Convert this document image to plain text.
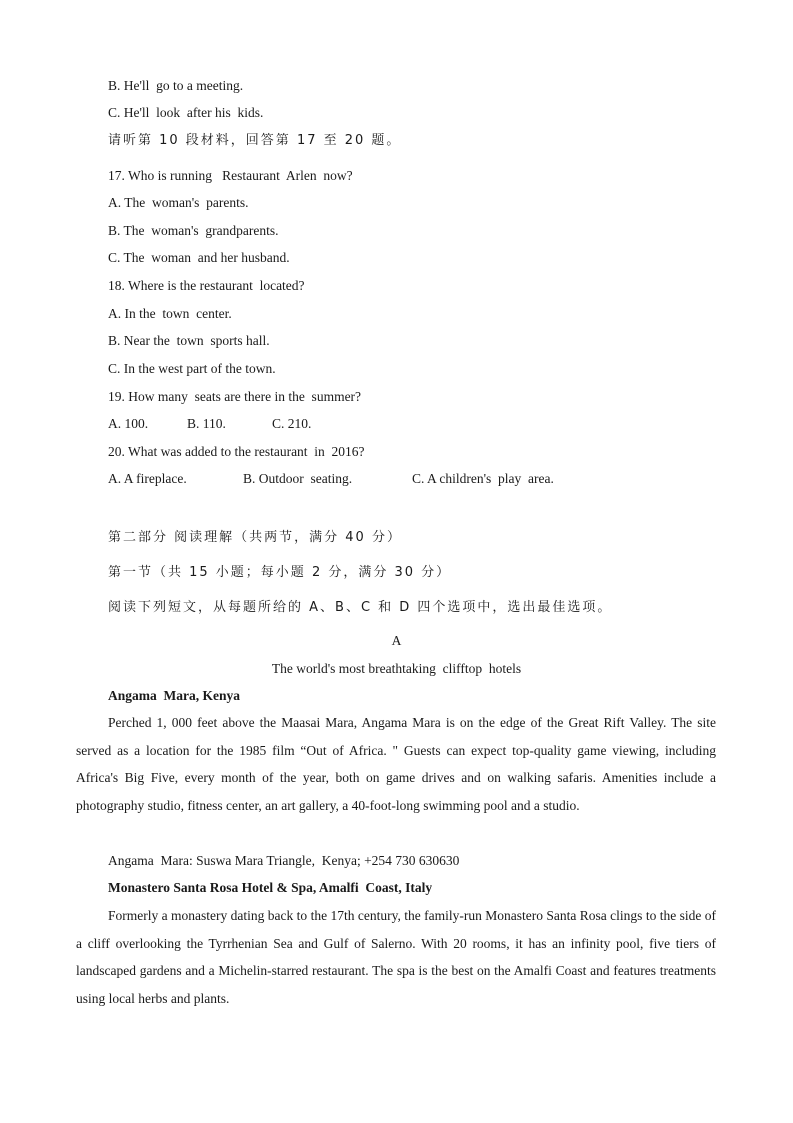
B. He'll  go to a meeting.
C. He'll  look  after his  kids.
请听第 10 段材料，回答第 17 至 20 题。
17. Who is running   Restaurant  Arlen  now?
A. The  woman's  parents.
B. The  woman's  grandparents.
C. The  woman  and her husband.
18. Where is the restaurant  located?
A. In the  town  center.
B. Near the  town  sports hall.
C. In the west part of the town.
19. How many  seats are there in the  summer?
A. 100.	B. 110.	C. 210.
20. What was added to the restaurant  in  2016?
A. A fireplace.	B. Outdoor  seating.	C. A children's  play  area.
第二部分 阅读理解（共两节，满分 40 分）
第一节（共 15 小题；每小题 2 分，满分 30 分）
阅读下列短文，从每题所给的 A、B、C 和 D 四个选项中，选出最佳选项。
A
The world's most breathtaking  clifftop  hotels
Angama  Mara, Kenya

Perched 1, 000 feet above the Maasai Mara, Angama Mara is on the edge of the Great Rift Valley. The site served as a location for the 1985 film “Out of Africa. " Guests can expect top-quality game viewing, including Africa's Big Five, every month of the year, both on game drives and on walking safaris. Amenities include a photography studio, fitness center, an art gallery, a 40-foot-long swimming pool and a studio.

Angama  Mara: Suswa Mara Triangle,  Kenya; +254 730 630630
Monastero Santa Rosa Hotel & Spa, Amalfi  Coast, Italy

Formerly a monastery dating back to the 17th century, the family-run Monastero Santa Rosa clings to the side of a cliff overlooking the Tyrrhenian Sea and Gulf of Salerno. With 20 rooms, it has an infinity pool, five tiers of landscaped gardens and a Michelin-starred restaurant. The spa is the best on the Amalfi Coast and features treatments using local herbs and plants.
